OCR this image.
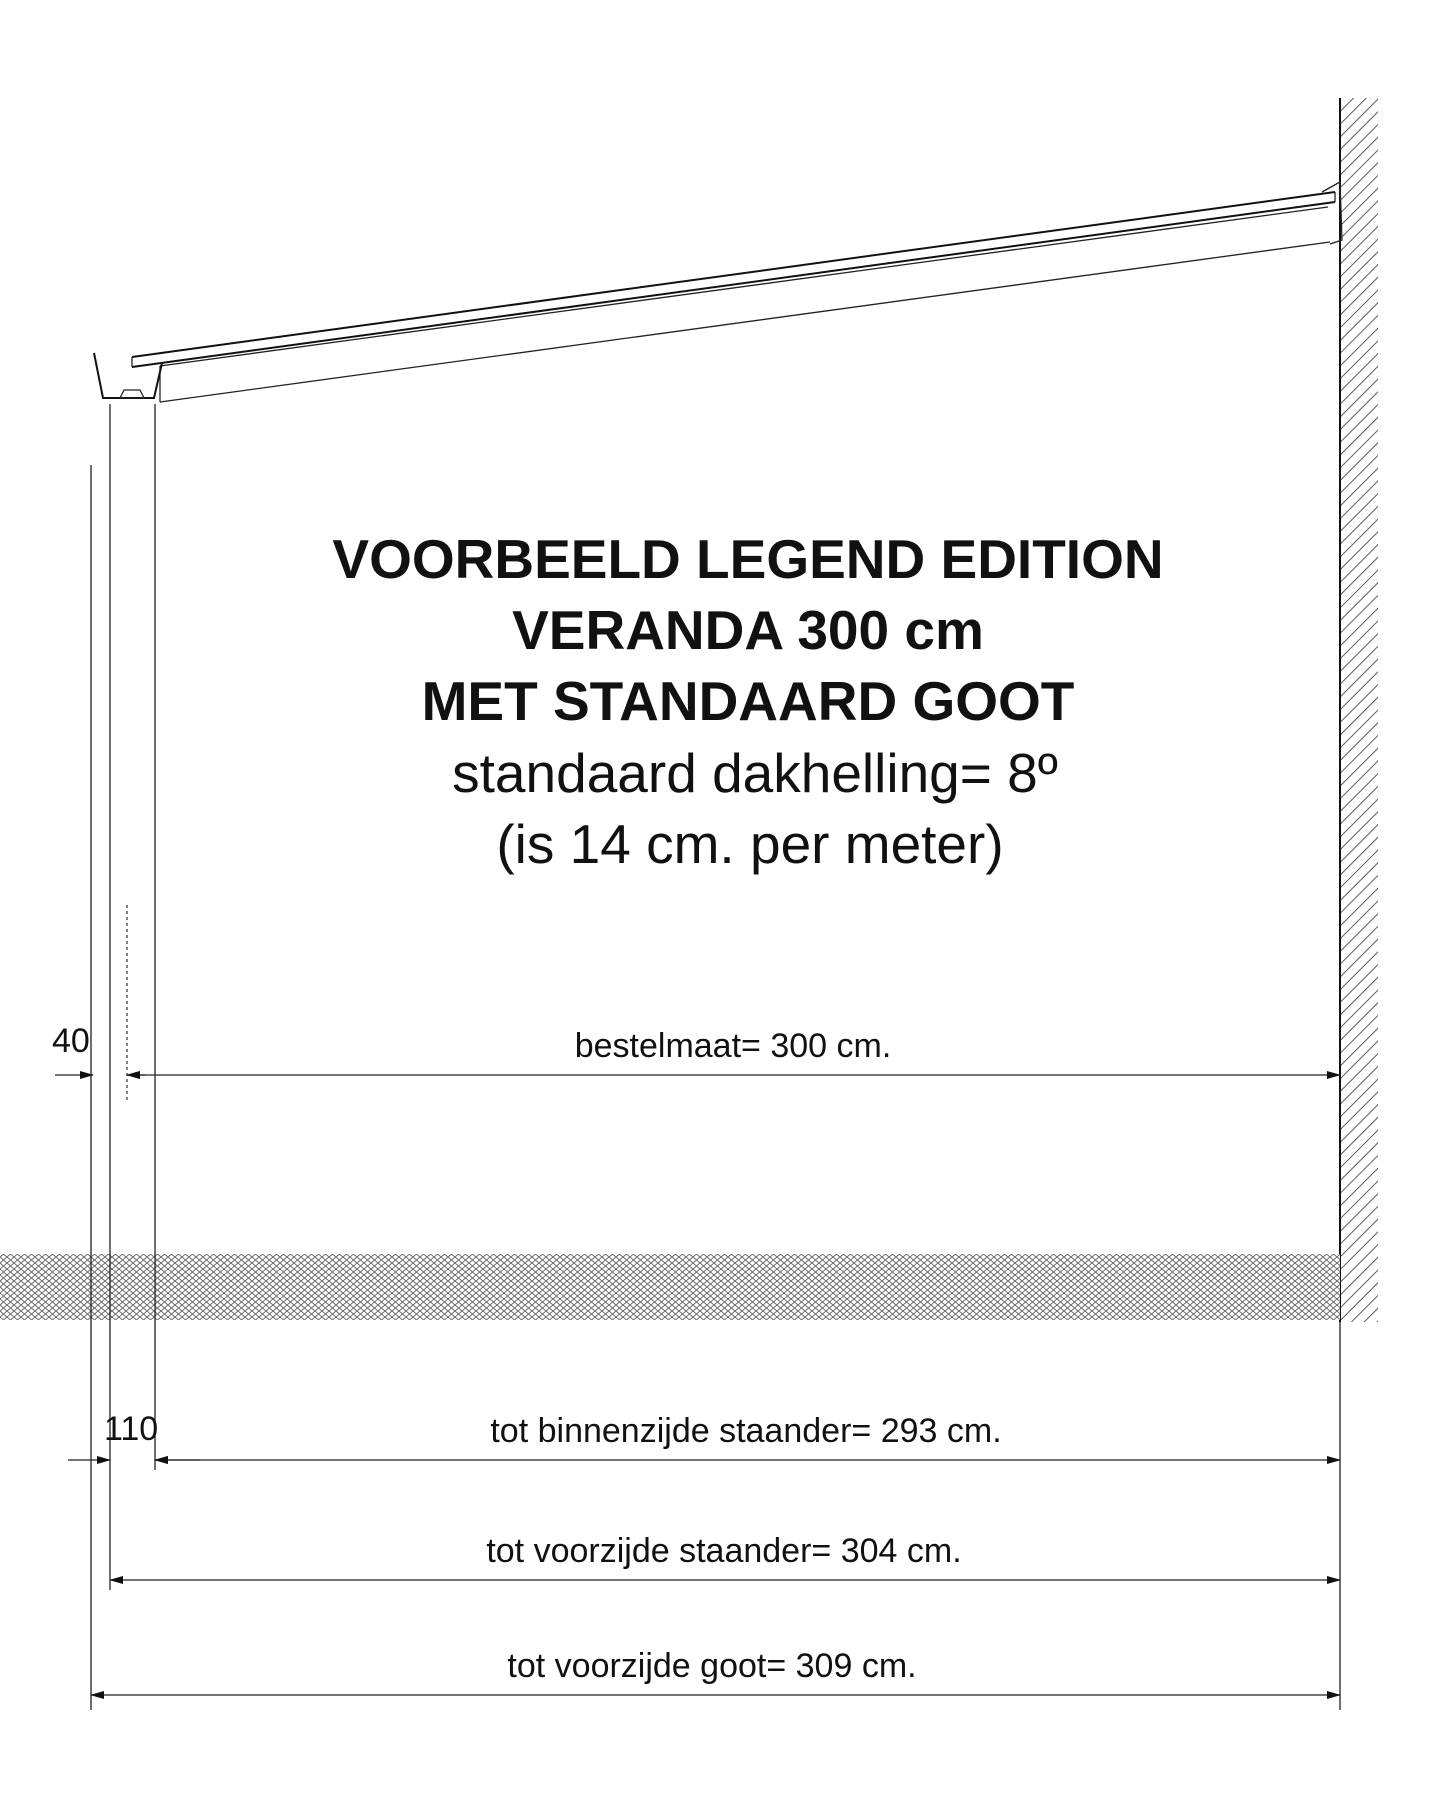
VOORBEELD LEGEND EDITION
VERANDA 300 cm
MET STANDAARD GOOT
standaard dakhelling= 8º
(is 14 cm. per meter)
40	bestelmaat= 300 cm.
110	tot binnenzijde staander= 293 cm.
tot voorzijde staander= 304 cm.
tot voorzijde goot= 309 cm.
